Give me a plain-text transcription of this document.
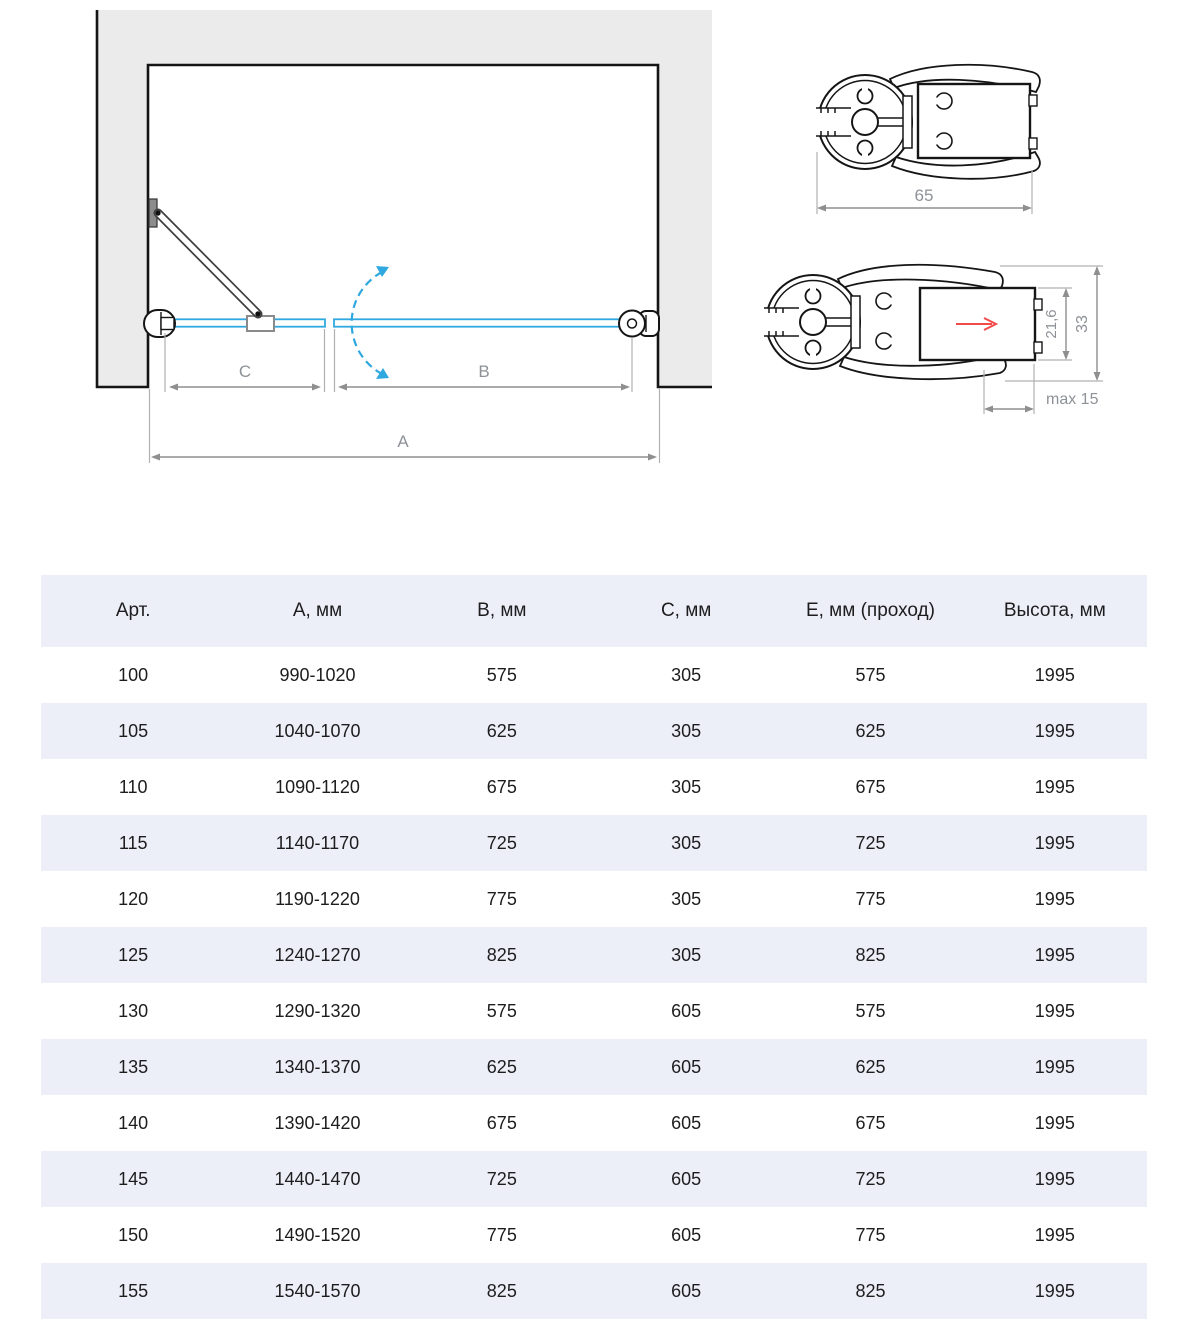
C	B
A
65
21,6 33
max 15
Арт.	А, мм	В, мм	С, мм	Е, мм (проход)	Высота, мм
100	990-1020	575	305	575	1995
105	1040-1070	625	305	625	1995
110	1090-1120	675	305	675	1995
115	1140-1170	725	305	725	1995
120	1190-1220	775	305	775	1995
125	1240-1270	825	305	825	1995
130	1290-1320	575	605	575	1995
135	1340-1370	625	605	625	1995
140	1390-1420	675	605	675	1995
145	1440-1470	725	605	725	1995
150	1490-1520	775	605	775	1995
155	1540-1570	825	605	825	1995
